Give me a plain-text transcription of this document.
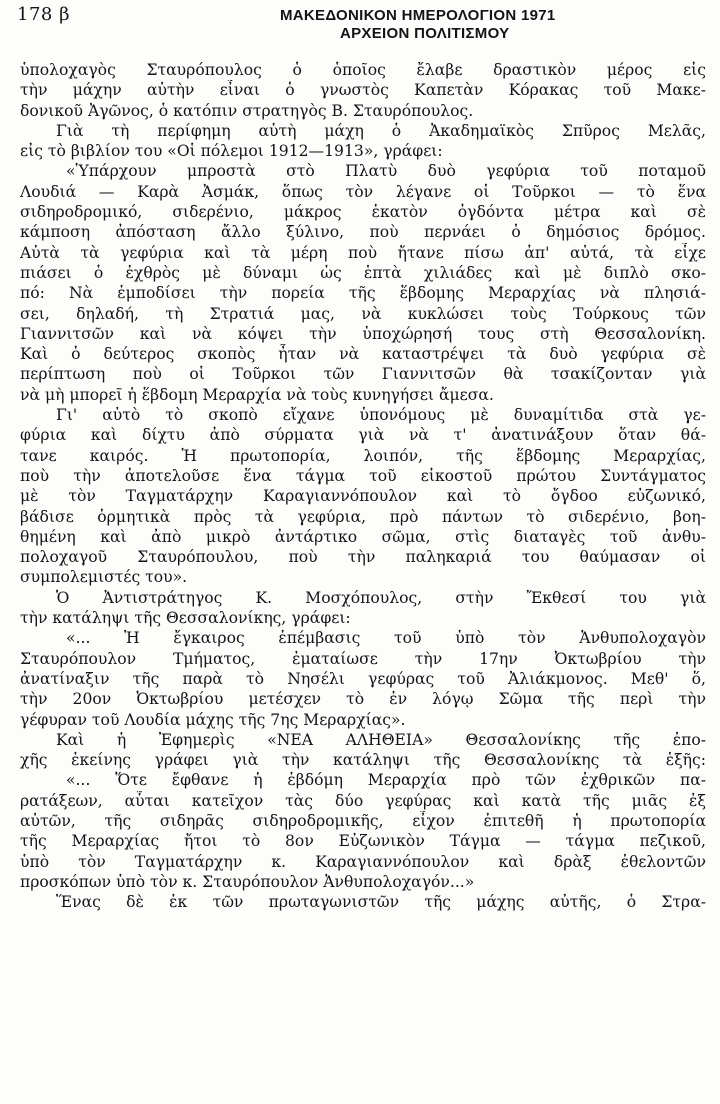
178 β	ΜΑΚΕΔΟΝΙΚΟΝ ΗΜΕΡΟΛΟΓΙΟΝ 1971
ΑΡΧΕΙΟΝ ΠΟΛΙΤΙΣΜΟΥ
ὑπολοχαγὸς Σταυρόπουλος ὁ ὁποῖος ἔλαβε δραστικὸν μέρος εἰς
τὴν μάχην αὐτὴν εἶναι ὁ γνωστὸς Καπετὰν Κόρακας τοῦ Μακε-
δονικοῦ Ἀγῶνος, ὁ κατόπιν στρατηγὸς Β. Σταυρόπουλος.
Γιὰ τὴ περίφημη αὐτὴ μάχη ὁ Ἀκαδημαϊκὸς Σπῦρος Μελᾶς,
εἰς τὸ βιβλίον του «Οἱ πόλεμοι 1912—1913», γράφει:
«Ὑπάρχουν μπροστὰ στὸ Πλατὺ δυὸ γεφύρια τοῦ ποταμοῦ
Λουδιά — Καρὰ Ἀσμάκ, ὅπως τὸν λέγανε οἱ Τοῦρκοι — τὸ ἕνα
σιδηροδρομικό, σιδερένιο, μάκρος ἑκατὸν ὀγδόντα μέτρα καὶ σὲ
κάμποση ἀπόσταση ἄλλο ξύλινο, ποὺ περνάει ὁ δημόσιος δρόμος.
Αὐτὰ τὰ γεφύρια καὶ τὰ μέρη ποὺ ἤτανε πίσω ἀπ' αὐτά, τὰ εἶχε
πιάσει ὁ ἐχθρὸς μὲ δύναμι ὡς ἑπτὰ χιλιάδες καὶ μὲ διπλὸ σκο-
πό: Νὰ ἐμποδίσει τὴν πορεία τῆς ἕβδομης Μεραρχίας νὰ πλησιά-
σει, δηλαδή, τὴ Στρατιά μας, νὰ κυκλώσει τοὺς Τούρκους τῶν
Γιαννιτσῶν καὶ νὰ κόψει τὴν ὑποχώρησή τους στὴ Θεσσαλονίκη.
Καὶ ὁ δεύτερος σκοπὸς ἦταν νὰ καταστρέψει τὰ δυὸ γεφύρια σὲ
περίπτωση ποὺ οἱ Τοῦρκοι τῶν Γιαννιτσῶν θὰ τσακίζονταν γιὰ
νὰ μὴ μπορεῖ ἡ ἕβδομη Μεραρχία νὰ τοὺς κυνηγήσει ἄμεσα.
Γι' αὐτὸ τὸ σκοπὸ εἴχανε ὑπονόμους μὲ δυναμίτιδα στὰ γε-
φύρια καὶ δίχτυ ἀπὸ σύρματα γιὰ νὰ τ' ἀνατινάξουν ὅταν θά-
τανε καιρός. Ἡ πρωτοπορία, λοιπόν, τῆς ἕβδομης Μεραρχίας,
ποὺ τὴν ἀποτελοῦσε ἕνα τάγμα τοῦ εἰκοστοῦ πρώτου Συντάγματος
μὲ τὸν Ταγματάρχην Καραγιαννόπουλον καὶ τὸ ὄγδοο εὐζωνικό,
βάδισε ὁρμητικὰ πρὸς τὰ γεφύρια, πρὸ πάντων τὸ σιδερένιο, βοη-
θημένη καὶ ἀπὸ μικρὸ ἀντάρτικο σῶμα, στὶς διαταγὲς τοῦ ἀνθυ-
πολοχαγοῦ Σταυρόπουλου, ποὺ τὴν παληκαριά του θαύμασαν οἱ
συμπολεμιστές του».
Ὁ Ἀντιστράτηγος Κ. Μοσχόπουλος, στὴν Ἔκθεσί του γιὰ
τὴν κατάληψι τῆς Θεσσαλονίκης, γράφει:
«... Ἡ ἔγκαιρος ἐπέμβασις τοῦ ὑπὸ τὸν Ἀνθυπολοχαγὸν
Σταυρόπουλον Τμήματος, ἐματαίωσε τὴν 17ην Ὀκτωβρίου τὴν
ἀνατίναξιν τῆς παρὰ τὸ Νησέλι γεφύρας τοῦ Ἀλιάκμονος. Μεθ' ὅ,
τὴν 20ον Ὀκτωβρίου μετέσχεν τὸ ἐν λόγῳ Σῶμα τῆς περὶ τὴν
γέφυραν τοῦ Λουδία μάχης τῆς 7ης Μεραρχίας».
Καὶ ἡ Ἐφημερὶς «ΝΕΑ ΑΛΗΘΕΙΑ» Θεσσαλονίκης τῆς ἐπο-
χῆς ἐκείνης γράφει γιὰ τὴν κατάληψι τῆς Θεσσαλονίκης τὰ ἑξῆς:
«... Ὅτε ἔφθανε ἡ ἑβδόμη Μεραρχία πρὸ τῶν ἐχθρικῶν πα-
ρατάξεων, αὗται κατεῖχον τὰς δύο γεφύρας καὶ κατὰ τῆς μιᾶς ἐξ
αὐτῶν, τῆς σιδηρᾶς σιδηροδρομικῆς, εἶχον ἐπιτεθῆ ἡ πρωτοπορία
τῆς Μεραρχίας ἤτοι τὸ 8ον Εὐζωνικὸν Τάγμα — τάγμα πεζικοῦ,
ὑπὸ τὸν Ταγματάρχην κ. Καραγιαννόπουλον καὶ δρὰξ ἐθελοντῶν
προσκόπων ὑπὸ τὸν κ. Σταυρόπουλον Ἀνθυπολοχαγόν...»
Ἕνας δὲ ἐκ τῶν πρωταγωνιστῶν τῆς μάχης αὐτῆς, ὁ Στρα-
